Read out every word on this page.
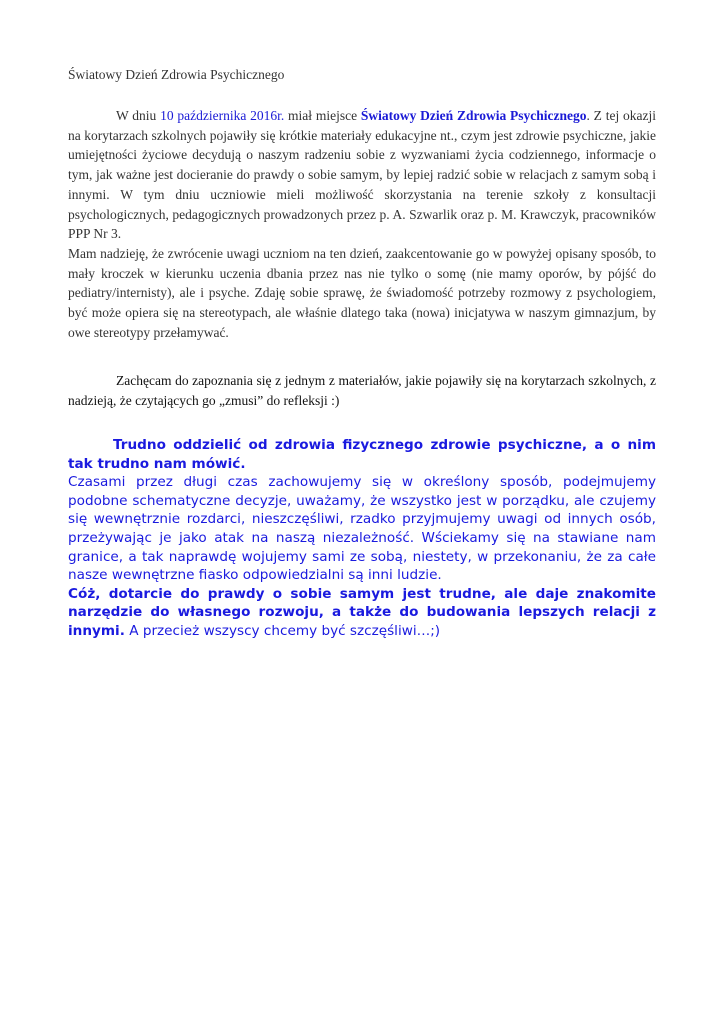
Światowy Dzień Zdrowia Psychicznego
W dniu 10 października 2016r. miał miejsce Światowy Dzień Zdrowia Psychicznego. Z tej okazji na korytarzach szkolnych pojawiły się krótkie materiały edukacyjne nt., czym jest zdrowie psychiczne, jakie umiejętności życiowe decydują o naszym radzeniu sobie z wyzwaniami życia codziennego, informacje o tym, jak ważne jest docieranie do prawdy o sobie samym, by lepiej radzić sobie w relacjach z samym sobą i innymi. W tym dniu uczniowie mieli możliwość skorzystania na terenie szkoły z konsultacji psychologicznych, pedagogicznych prowadzonych przez p. A. Szwarlik oraz p. M. Krawczyk, pracowników PPP Nr 3.
Mam nadzieję, że zwrócenie uwagi uczniom na ten dzień, zaakcentowanie go w powyżej opisany sposób, to mały kroczek w kierunku uczenia dbania przez nas nie tylko o somę (nie mamy oporów, by pójść do pediatry/internisty), ale i psyche. Zdaję sobie sprawę, że świadomość potrzeby rozmowy z psychologiem, być może opiera się na stereotypach, ale właśnie dlatego taka (nowa) inicjatywa w naszym gimnazjum, by owe stereotypy przełamywać.
Zachęcam do zapoznania się z jednym z materiałów, jakie pojawiły się na korytarzach szkolnych, z nadzieją, że czytających go „zmusi” do refleksji :)

Trudno oddzielić od zdrowia fizycznego zdrowie psychiczne, a o nim tak trudno nam mówić.

Czasami przez długi czas zachowujemy się w określony sposób, podejmujemy podobne schematyczne decyzje, uważamy, że wszystko jest w porządku, ale czujemy się wewnętrznie rozdarci, nieszczęśliwi, rzadko przyjmujemy uwagi od innych osób, przeżywając je jako atak na naszą niezależność. Wściekamy się na stawiane nam granice, a tak naprawdę wojujemy sami ze sobą, niestety, w przekonaniu, że za całe nasze wewnętrzne fiasko odpowiedzialni są inni ludzie.

Cóż, dotarcie do prawdy o sobie samym jest trudne, ale daje znakomite narzędzie do własnego rozwoju, a także do budowania lepszych relacji z innymi. A przecież wszyscy chcemy być szczęśliwi…;)
